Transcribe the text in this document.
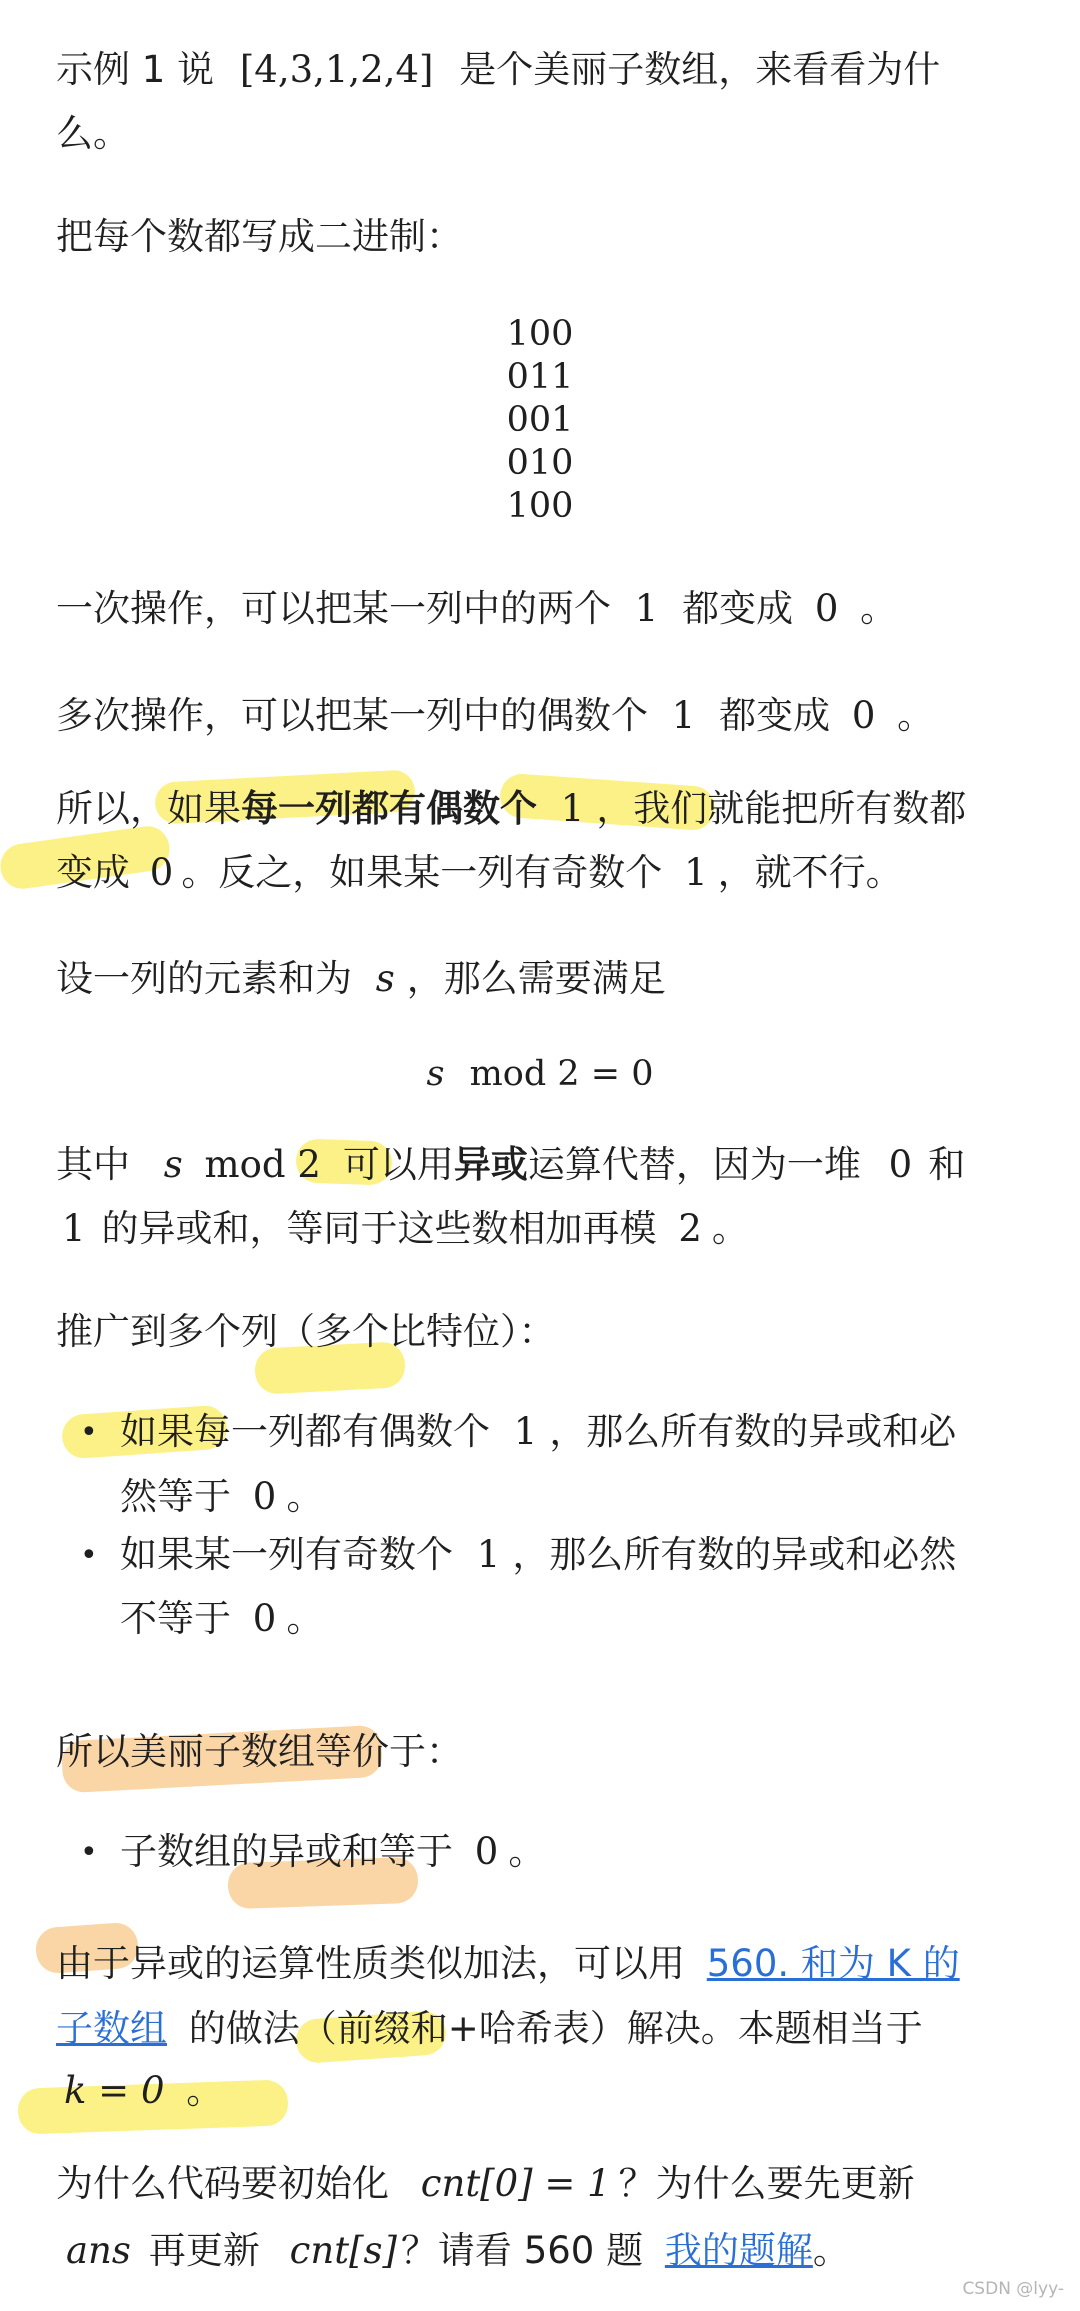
示例 1 说 [4,3,1,2,4] 是个美丽子数组，来看看为什
么。
把每个数都写成二进制：
100
011
001
010
100
一次操作，可以把某一列中的两个 1 都变成 0 。
多次操作，可以把某一列中的偶数个 1 都变成 0 。
所以，如果每一列都有偶数个 1 ，我们就能把所有数都
变成 0 。反之，如果某一列有奇数个 1 ，就不行。
设一列的元素和为 s ，那么需要满足
s mod 2 = 0
其中 s mod 2 可以用异或运算代替，因为一堆 0 和
1 的异或和，等同于这些数相加再模 2 。
推广到多个列（多个比特位）：
• 如果每一列都有偶数个 1 ，那么所有数的异或和必
然等于 0 。
• 如果某一列有奇数个 1 ，那么所有数的异或和必然
不等于 0 。
所以美丽子数组等价于：
• 子数组的异或和等于 0 。
由于异或的运算性质类似加法，可以用 560. 和为 K 的
子数组 的做法（前缀和+哈希表）解决。本题相当于
k = 0 。
为什么代码要初始化 cnt[0] = 1 ？为什么要先更新
ans 再更新 cnt[s] ？请看 560 题 我的题解。
CSDN @lyy-
